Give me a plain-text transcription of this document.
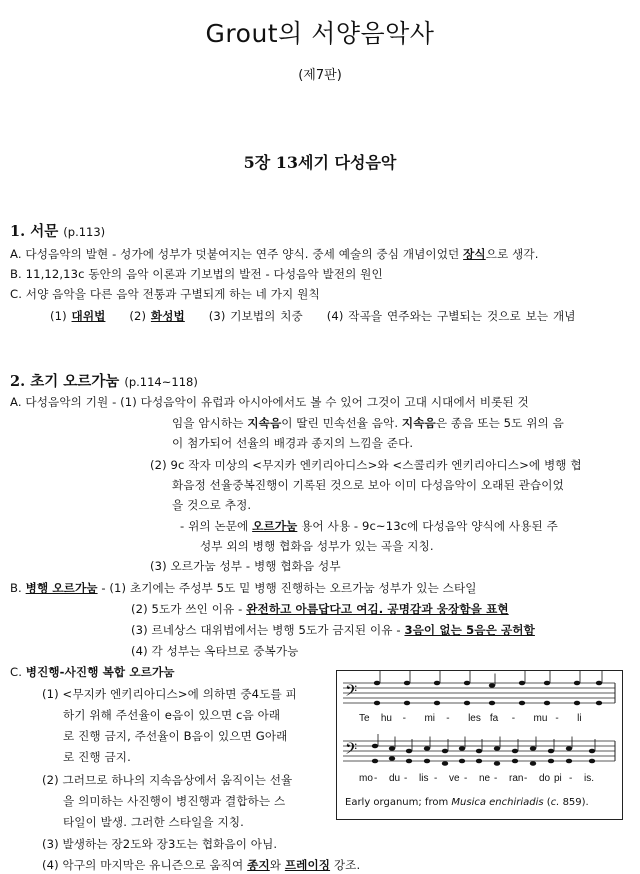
Grout의 서양음악사
(제7판)
5장 13세기 다성음악
1. 서문 (p.113)
A. 다성음악의 발현 - 성가에 성부가 덧붙여지는 연주 양식. 중세 예술의 중심 개념이었던 장식으로 생각.
B. 11,12,13c 동안의 음악 이론과 기보법의 발전 - 다성음악 발전의 원인
C. 서양 음악을 다른 음악 전통과 구별되게 하는 네 가지 원칙
(1) 대위법 (2) 화성법 (3) 기보법의 치중 (4) 작곡을 연주와는 구별되는 것으로 보는 개념
2. 초기 오르가눔 (p.114~118)
A. 다성음악의 기원 - (1) 다성음악이 유럽과 아시아에서도 볼 수 있어 그것이 고대 시대에서 비롯된 것
임을 암시하는 지속음이 딸린 민속선율 음악. 지속음은 종음 또는 5도 위의 음
이 첨가되어 선율의 배경과 종지의 느낌을 준다.
(2) 9c 작자 미상의 <무지카 엔키리아디스>와 <스콜리카 엔키리아디스>에 병행 협
화음정 선율중복진행이 기록된 것으로 보아 이미 다성음악이 오래된 관습이었
을 것으로 추정.
- 위의 논문에 오르가눔 용어 사용 - 9c~13c에 다성음악 양식에 사용된 주
성부 외의 병행 협화음 성부가 있는 곡을 지칭.
(3) 오르가눔 성부 - 병행 협화음 성부
B. 병행 오르가눔 - (1) 초기에는 주성부 5도 밑 병행 진행하는 오르가눔 성부가 있는 스타일
(2) 5도가 쓰인 이유 - 완전하고 아름답다고 여김. 공명감과 웅장함을 표현
(3) 르네상스 대위법에서는 병행 5도가 금지된 이유 - 3음이 없는 5음은 공허함
(4) 각 성부는 옥타브로 중복가능
C. 병진행-사진행 복합 오르가눔
(1) <무지카 엔키리아디스>에 의하면 중4도를 피
하기 위해 주선율이 e음이 있으면 c음 아래
로 진행 금지, 주선율이 B음이 있으면 G아래
로 진행 금지.
(2) 그러므로 하나의 지속음상에서 움직이는 선율
을 의미하는 사진행이 병진행과 결합하는 스
타일이 발생. 그러한 스타일을 지칭.
(3) 발생하는 장2도와 장3도는 협화음이 아님.
(4) 악구의 마지막은 유니즌으로 움직여 종지와 프레이징 강조.
𝄢
Te hu - mi - les fa - mu - li
𝄢
mo - du - lis - ve - ne - ran - do pi - is.
Early organum; from Musica enchiriadis (c. 859).
